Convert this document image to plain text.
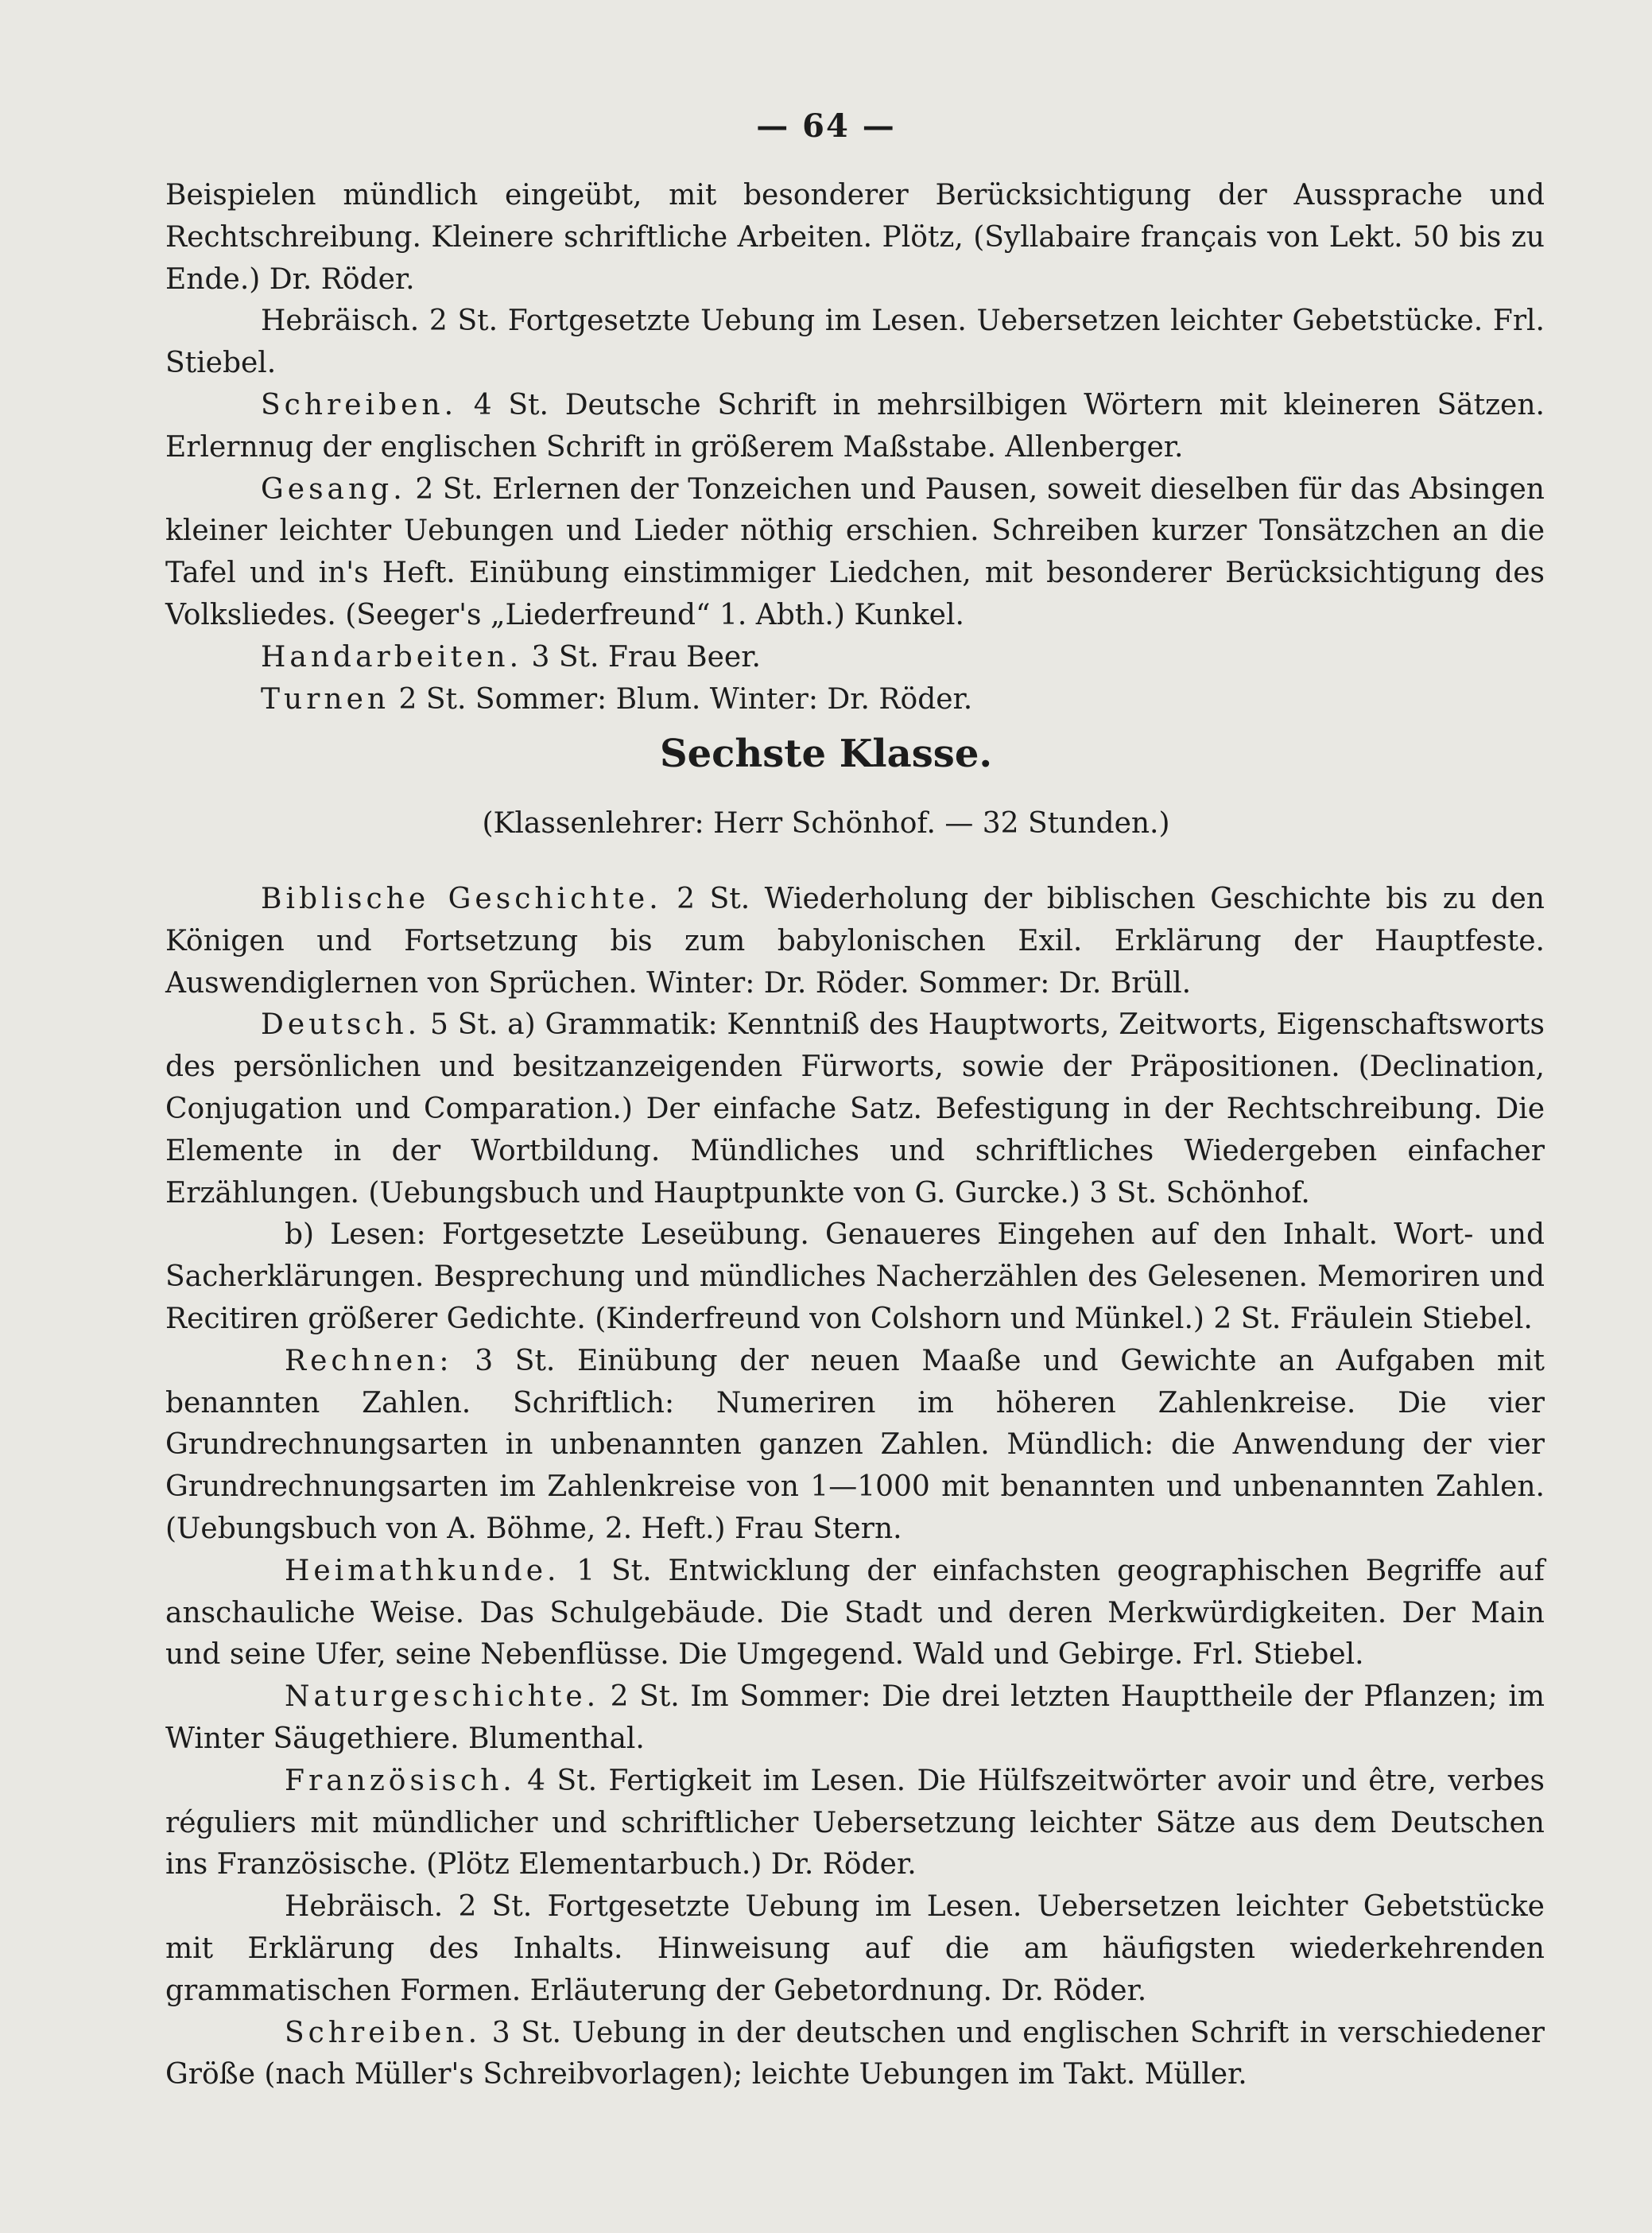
— 64 —

Beispielen mündlich eingeübt, mit besonderer Berücksichtigung der Aussprache und Rechtschreibung. Kleinere schriftliche Arbeiten. Plötz, (Syllabaire français von Lekt. 50 bis zu Ende.) Dr. Röder.

Hebräisch. 2 St. Fortgesetzte Uebung im Lesen. Uebersetzen leichter Gebetstücke. Frl. Stiebel.

Schreiben. 4 St. Deutsche Schrift in mehrsilbigen Wörtern mit kleineren Sätzen. Erlernnug der englischen Schrift in größerem Maßstabe. Allenberger.

Gesang. 2 St. Erlernen der Tonzeichen und Pausen, soweit dieselben für das Absingen kleiner leichter Uebungen und Lieder nöthig erschien. Schreiben kurzer Tonsätzchen an die Tafel und in's Heft. Einübung einstimmiger Liedchen, mit besonderer Berücksichtigung des Volksliedes. (Seeger's „Liederfreund“ 1. Abth.) Kunkel.

Handarbeiten. 3 St. Frau Beer.

Turnen 2 St. Sommer: Blum. Winter: Dr. Röder.

Sechste Klasse.
(Klassenlehrer: Herr Schönhof. — 32 Stunden.)

Biblische Geschichte. 2 St. Wiederholung der biblischen Geschichte bis zu den Königen und Fortsetzung bis zum babylonischen Exil. Erklärung der Hauptfeste. Auswendiglernen von Sprüchen. Winter: Dr. Röder. Sommer: Dr. Brüll.

Deutsch. 5 St. a) Grammatik: Kenntniß des Hauptworts, Zeitworts, Eigenschaftsworts des persönlichen und besitzanzeigenden Fürworts, sowie der Präpositionen. (Declination, Conjugation und Comparation.) Der einfache Satz. Befestigung in der Rechtschreibung. Die Elemente in der Wortbildung. Mündliches und schriftliches Wiedergeben einfacher Erzählungen. (Uebungsbuch und Hauptpunkte von G. Gurcke.) 3 St. Schönhof.

b) Lesen: Fortgesetzte Leseübung. Genaueres Eingehen auf den Inhalt. Wort- und Sacherklärungen. Besprechung und mündliches Nacherzählen des Gelesenen. Memoriren und Recitiren größerer Gedichte. (Kinderfreund von Colshorn und Münkel.) 2 St. Fräulein Stiebel.

Rechnen: 3 St. Einübung der neuen Maaße und Gewichte an Aufgaben mit benannten Zahlen. Schriftlich: Numeriren im höheren Zahlenkreise. Die vier Grundrechnungsarten in unbenannten ganzen Zahlen. Mündlich: die Anwendung der vier Grundrechnungsarten im Zahlenkreise von 1—1000 mit benannten und unbenannten Zahlen. (Uebungsbuch von A. Böhme, 2. Heft.) Frau Stern.

Heimathkunde. 1 St. Entwicklung der einfachsten geographischen Begriffe auf anschauliche Weise. Das Schulgebäude. Die Stadt und deren Merkwürdigkeiten. Der Main und seine Ufer, seine Nebenflüsse. Die Umgegend. Wald und Gebirge. Frl. Stiebel.

Naturgeschichte. 2 St. Im Sommer: Die drei letzten Haupttheile der Pflanzen; im Winter Säugethiere. Blumenthal.

Französisch. 4 St. Fertigkeit im Lesen. Die Hülfszeitwörter avoir und être, verbes réguliers mit mündlicher und schriftlicher Uebersetzung leichter Sätze aus dem Deutschen ins Französische. (Plötz Elementarbuch.) Dr. Röder.

Hebräisch. 2 St. Fortgesetzte Uebung im Lesen. Uebersetzen leichter Gebetstücke mit Erklärung des Inhalts. Hinweisung auf die am häufigsten wiederkehrenden grammatischen Formen. Erläuterung der Gebetordnung. Dr. Röder.

Schreiben. 3 St. Uebung in der deutschen und englischen Schrift in verschiedener Größe (nach Müller's Schreibvorlagen); leichte Uebungen im Takt. Müller.
